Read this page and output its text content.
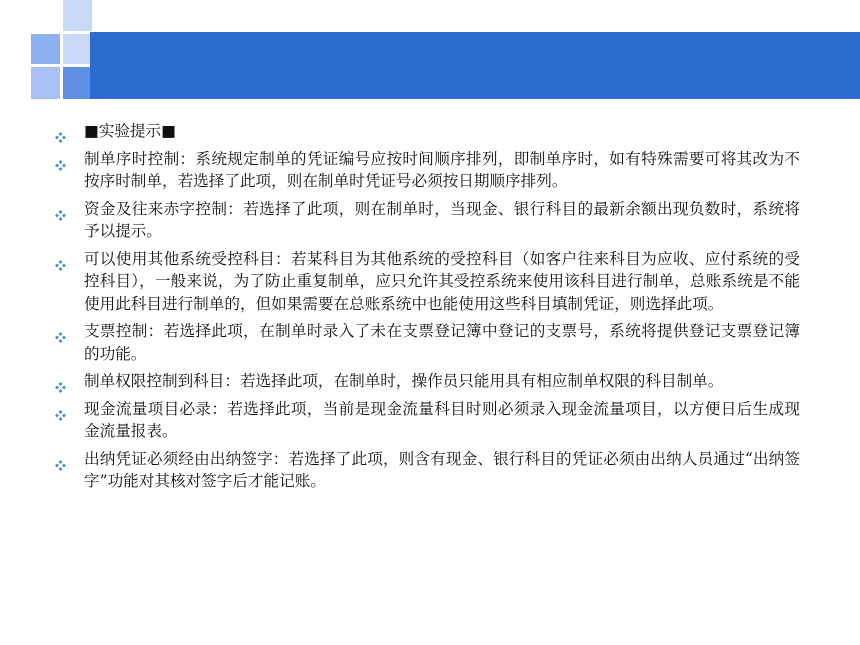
■实验提示■
制单序时控制：系统规定制单的凭证编号应按时间顺序排列，即制单序时，如有特殊需要可将其改为不按序时制单，若选择了此项，则在制单时凭证号必须按日期顺序排列。
资金及往来赤字控制：若选择了此项，则在制单时，当现金、银行科目的最新余额出现负数时，系统将予以提示。
可以使用其他系统受控科目：若某科目为其他系统的受控科目（如客户往来科目为应收、应付系统的受控科目），一般来说，为了防止重复制单，应只允许其受控系统来使用该科目进行制单，总账系统是不能使用此科目进行制单的，但如果需要在总账系统中也能使用这些科目填制凭证，则选择此项。
支票控制：若选择此项，在制单时录入了未在支票登记簿中登记的支票号，系统将提供登记支票登记簿的功能。
制单权限控制到科目：若选择此项，在制单时，操作员只能用具有相应制单权限的科目制单。
现金流量项目必录：若选择此项，当前是现金流量科目时则必须录入现金流量项目，以方便日后生成现金流量报表。
出纳凭证必须经由出纳签字：若选择了此项，则含有现金、银行科目的凭证必须由出纳人员通过“出纳签字”功能对其核对签字后才能记账。
